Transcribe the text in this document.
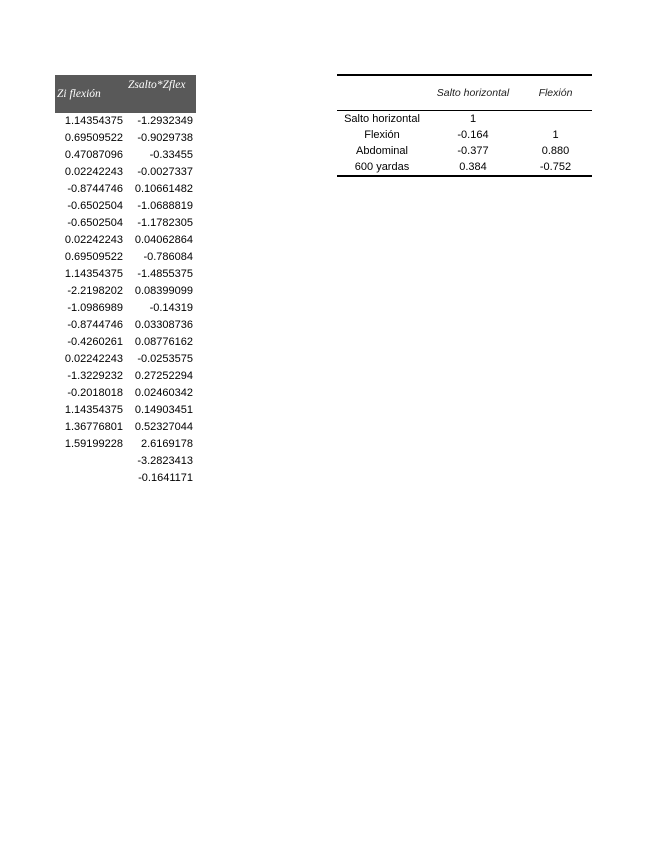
Zi flexión	Zsalto*Zflex
1.14354375	-1.2932349
0.69509522	-0.9029738
0.47087096	-0.33455
0.02242243	-0.0027337
-0.8744746	0.10661482
-0.6502504	-1.0688819
-0.6502504	-1.1782305
0.02242243	0.04062864
0.69509522	-0.786084
1.14354375	-1.4855375
-2.2198202	0.08399099
-1.0986989	-0.14319
-0.8744746	0.03308736
-0.4260261	0.08776162
0.02242243	-0.0253575
-1.3229232	0.27252294
-0.2018018	0.02460342
1.14354375	0.14903451
1.36776801	0.52327044
1.59199228	2.6169178
	-3.2823413
	-0.1641171
	Salto horizontal	Flexión
Salto horizontal	1	
Flexión	-0.164	1
Abdominal	-0.377	0.880
600 yardas	0.384	-0.752
